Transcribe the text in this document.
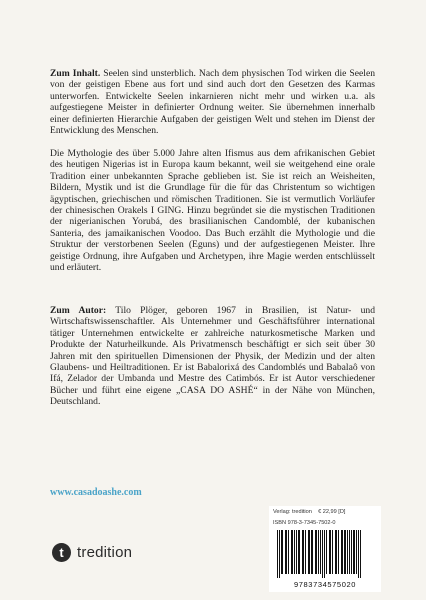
Zum Inhalt. Seelen sind unsterblich. Nach dem physischen Tod wirken die Seelen von der geistigen Ebene aus fort und sind auch dort den Gesetzen des Karmas unterworfen. Entwickelte Seelen inkarnieren nicht mehr und wirken u.a. als aufgestiegene Meister in definierter Ordnung weiter. Sie übernehmen innerhalb einer definierten Hierarchie Aufgaben der geistigen Welt und stehen im Dienst der Entwicklung des Menschen.

Die Mythologie des über 5.000 Jahre alten Ifismus aus dem afrikanischen Gebiet des heutigen Nigerias ist in Europa kaum bekannt, weil sie weitgehend eine orale Tradition einer unbekannten Sprache geblieben ist. Sie ist reich an Weisheiten, Bildern, Mystik und ist die Grundlage für die für das Christentum so wichtigen ägyptischen, griechischen und römischen Traditionen. Sie ist vermutlich Vorläufer der chinesischen Orakels I GING. Hinzu begründet sie die mystischen Traditionen der nigerianischen Yorubá, des brasilianischen Candomblé, der kubanischen Santeria, des jamaikanischen Voodoo. Das Buch erzählt die Mythologie und die Struktur der verstorbenen Seelen (Eguns) und der aufgestiegenen Meister. Ihre geistige Ordnung, ihre Aufgaben und Archetypen, ihre Magie werden entschlüsselt und erläutert.

Zum Autor: Tilo Plöger, geboren 1967 in Brasilien, ist Natur- und Wirtschaftswissenschaftler. Als Unternehmer und Geschäftsführer international tätiger Unternehmen entwickelte er zahlreiche naturkosmetische Marken und Produkte der Naturheilkunde. Als Privatmensch beschäftigt er sich seit über 30 Jahren mit den spirituellen Dimensionen der Physik, der Medizin und der alten Glaubens- und Heiltraditionen. Er ist Babalorixá des Candomblés und Babalaô von Ifá, Zelador der Umbanda und Mestre des Catimbós. Er ist Autor verschiedener Bücher und führt eine eigene „CASA DO ASHÉ“ in der Nähe von München, Deutschland.

www.casadoashe.com
t tredition
Verlag: tredition € 22,99 [D]
ISBN 978-3-7345-7502-0
9783734575020
